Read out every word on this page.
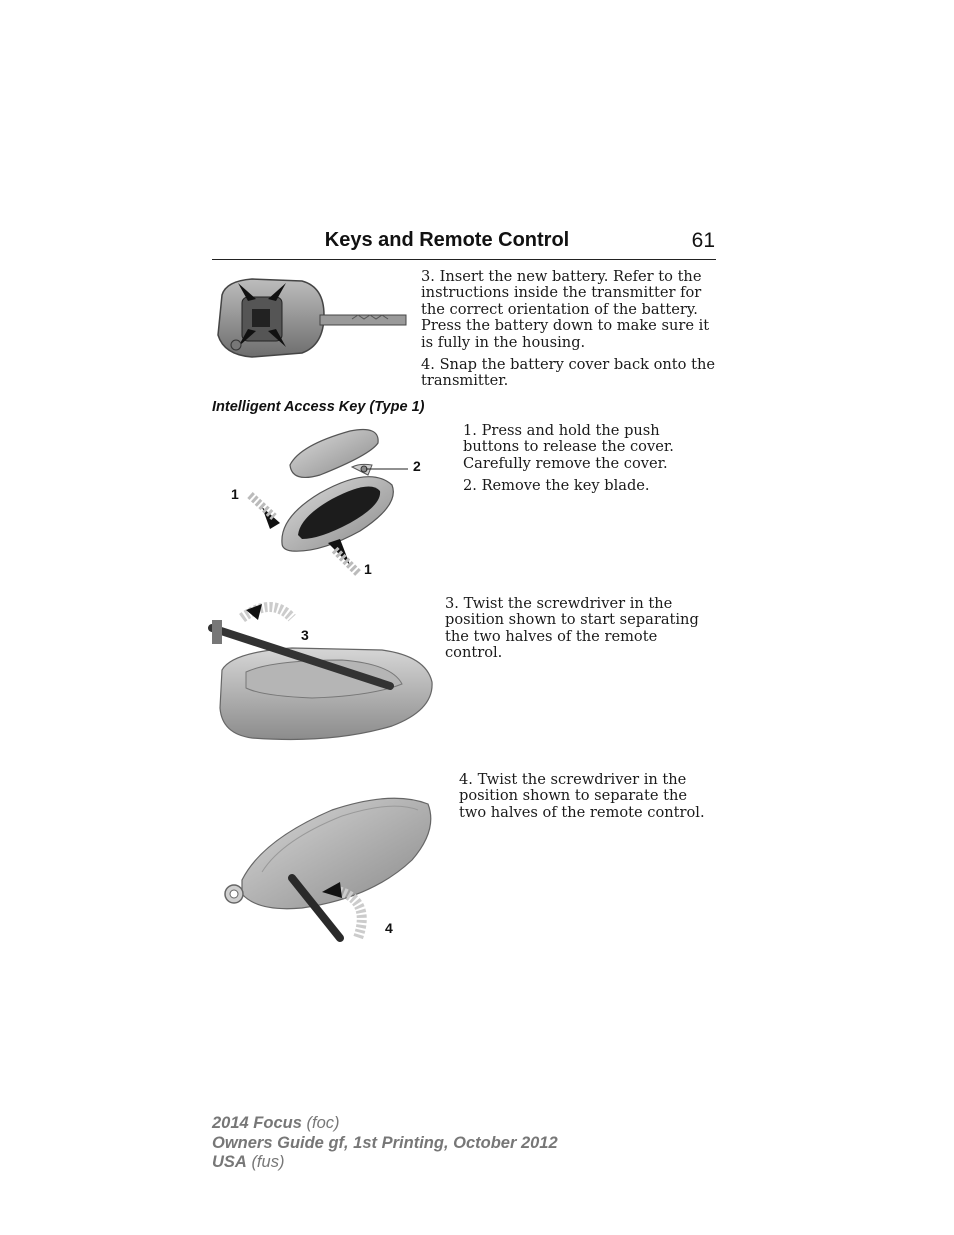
Keys and Remote Control	61

3. Insert the new battery. Refer to the instructions inside the transmitter for the correct orientation of the battery. Press the battery down to make sure it is fully in the housing.

4. Snap the battery cover back onto the transmitter.

Intelligent Access Key (Type 1)
1
2
1

1. Press and hold the push buttons to release the cover. Carefully remove the cover.

2. Remove the key blade.

3

3. Twist the screwdriver in the position shown to start separating the two halves of the remote control.

4

4. Twist the screwdriver in the position shown to separate the two halves of the remote control.

2014 Focus (foc)
Owners Guide gf, 1st Printing, October 2012
USA (fus)
